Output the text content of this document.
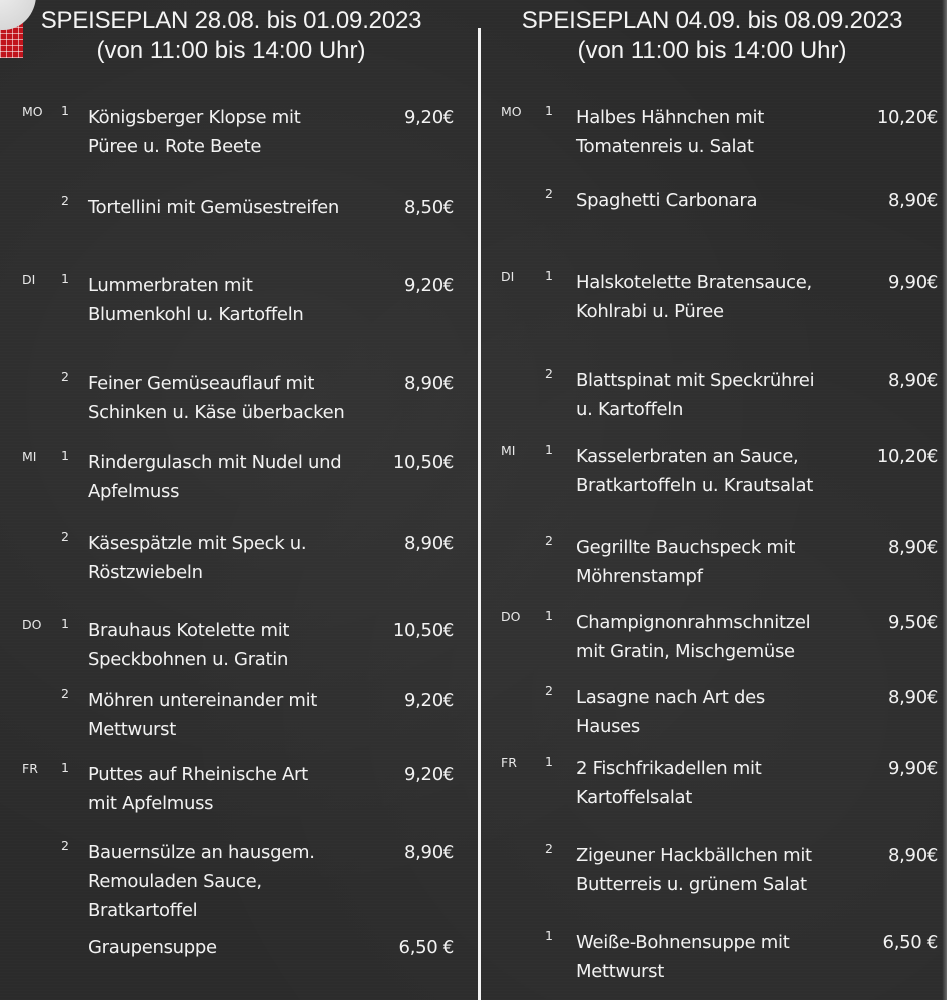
SPEISEPLAN 28.08. bis 01.09.2023
(von 11:00 bis 14:00 Uhr)
MO 1 Königsberger Klopse mit
Püree u. Rote Beete
9,20€
2 Tortellini mit Gemüsestreifen	8,50€
DI 1 Lummerbraten mit
Blumenkohl u. Kartoffeln
9,20€
2 Feiner Gemüseauflauf mit
Schinken u. Käse überbacken
8,90€
MI 1 Rindergulasch mit Nudel und
Apfelmuss
10,50€
2 Käsespätzle mit Speck u.
Röstzwiebeln
8,90€
DO 1 Brauhaus Kotelette mit
Speckbohnen u. Gratin
10,50€
2 Möhren untereinander mit
Mettwurst
9,20€
FR 1 Puttes auf Rheinische Art
mit Apfelmuss
9,20€
2 Bauernsülze an hausgem.
Remouladen Sauce,
Bratkartoffel
8,90€
Graupensuppe	6,50 €
SPEISEPLAN 04.09. bis 08.09.2023
(von 11:00 bis 14:00 Uhr)
MO 1 Halbes Hähnchen mit
Tomatenreis u. Salat
10,20€
2 Spaghetti Carbonara	8,90€
DI 1 Halskotelette Bratensauce,
Kohlrabi u. Püree
9,90€
2 Blattspinat mit Speckrührei
u. Kartoffeln
8,90€
MI 1 Kasselerbraten an Sauce,
Bratkartoffeln u. Krautsalat
10,20€
2 Gegrillte Bauchspeck mit
Möhrenstampf
8,90€
DO 1 Champignonrahmschnitzel
mit Gratin, Mischgemüse
9,50€
2 Lasagne nach Art des
Hauses
8,90€
FR 1 2 Fischfrikadellen mit
Kartoffelsalat
9,90€
2 Zigeuner Hackbällchen mit
Butterreis u. grünem Salat
8,90€
1 Weiße-Bohnensuppe mit
Mettwurst
6,50 €
